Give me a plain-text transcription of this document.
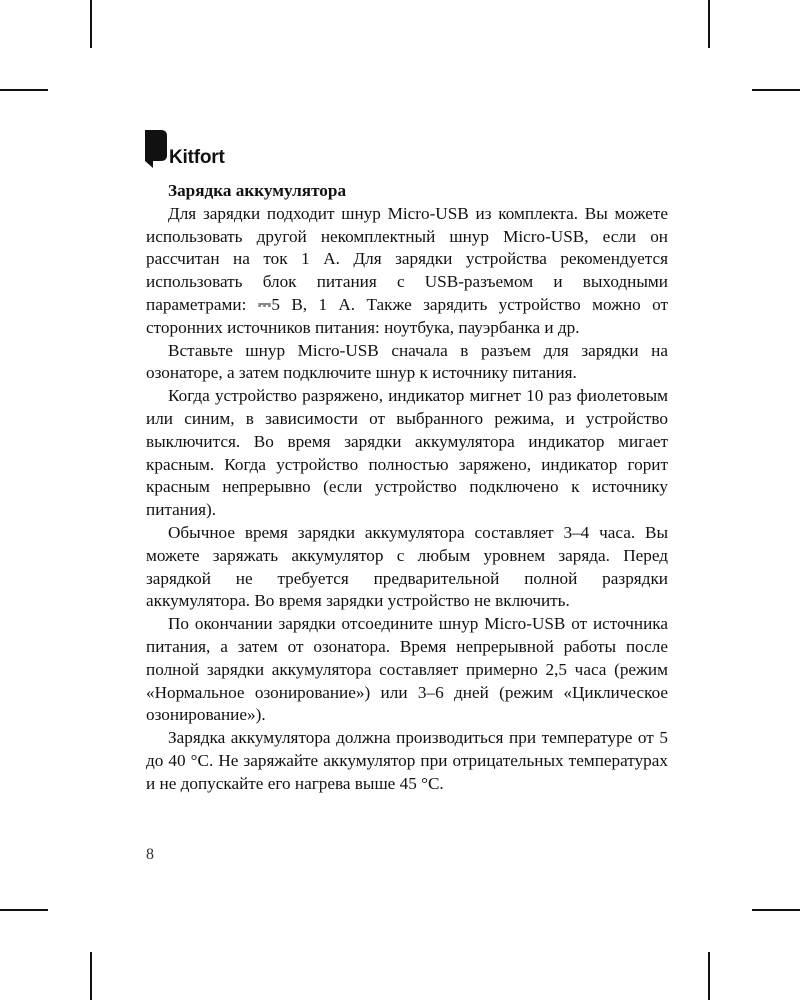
Kitfort

Зарядка аккумулятора

Для зарядки подходит шнур Micro-USB из комплекта. Вы можете использовать другой некомплектный шнур Micro-USB, если он рассчитан на ток 1 А. Для зарядки устройства рекомендуется использовать блок питания с USB-разъемом и выходными параметрами: ⎓5 В, 1 А. Также зарядить устройство можно от сторонних источников питания: ноутбука, пауэрбанка и др.

Вставьте шнур Micro-USB сначала в разъем для зарядки на озонаторе, а затем подключите шнур к источнику питания.

Когда устройство разряжено, индикатор мигнет 10 раз фиолетовым или синим, в зависимости от выбранного режима, и устройство выключится. Во время зарядки аккумулятора индикатор мигает красным. Когда устройство полностью заряжено, индикатор горит красным непрерывно (если устройство подключено к источнику питания).

Обычное время зарядки аккумулятора составляет 3–4 часа. Вы можете заряжать аккумулятор с любым уровнем заряда. Перед зарядкой не требуется предварительной полной разрядки аккумулятора. Во время зарядки устройство не включить.

По окончании зарядки отсоедините шнур Micro-USB от источника питания, а затем от озонатора. Время непрерывной работы после полной зарядки аккумулятора составляет примерно 2,5 часа (режим «Нормальное озонирование») или 3–6 дней (режим «Циклическое озонирование»).

Зарядка аккумулятора должна производиться при температуре от 5 до 40 °C. Не заряжайте аккумулятор при отрицательных температурах и не допускайте его нагрева выше 45 °C.

8
